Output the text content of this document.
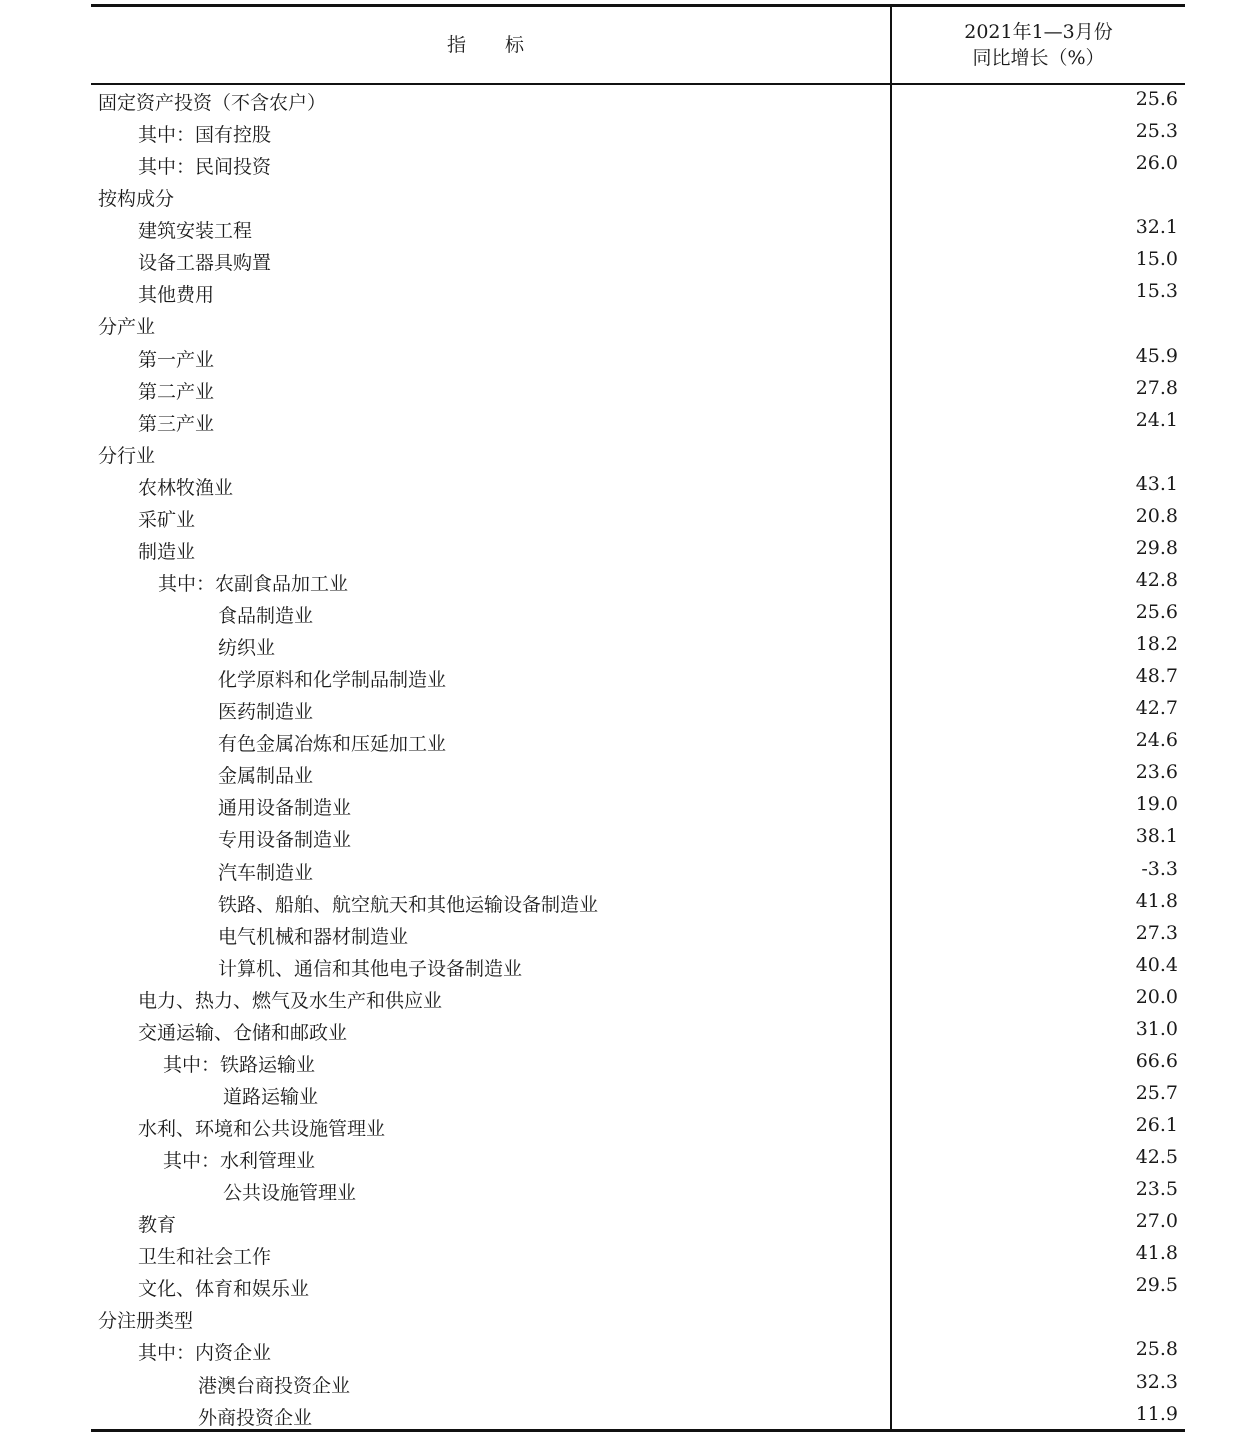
指　标
2021年1—3月份
同比增长（%）
固定资产投资（不含农户）	25.6
其中：国有控股	25.3
其中：民间投资	26.0
按构成分
建筑安装工程	32.1
设备工器具购置	15.0
其他费用	15.3
分产业
第一产业	45.9
第二产业	27.8
第三产业	24.1
分行业
农林牧渔业	43.1
采矿业	20.8
制造业	29.8
其中：农副食品加工业	42.8
食品制造业	25.6
纺织业	18.2
化学原料和化学制品制造业	48.7
医药制造业	42.7
有色金属冶炼和压延加工业	24.6
金属制品业	23.6
通用设备制造业	19.0
专用设备制造业	38.1
汽车制造业	-3.3
铁路、船舶、航空航天和其他运输设备制造业	41.8
电气机械和器材制造业	27.3
计算机、通信和其他电子设备制造业	40.4
电力、热力、燃气及水生产和供应业	20.0
交通运输、仓储和邮政业	31.0
其中：铁路运输业	66.6
道路运输业	25.7
水利、环境和公共设施管理业	26.1
其中：水利管理业	42.5
公共设施管理业	23.5
教育	27.0
卫生和社会工作	41.8
文化、体育和娱乐业	29.5
分注册类型
其中：内资企业	25.8
港澳台商投资企业	32.3
外商投资企业	11.9
